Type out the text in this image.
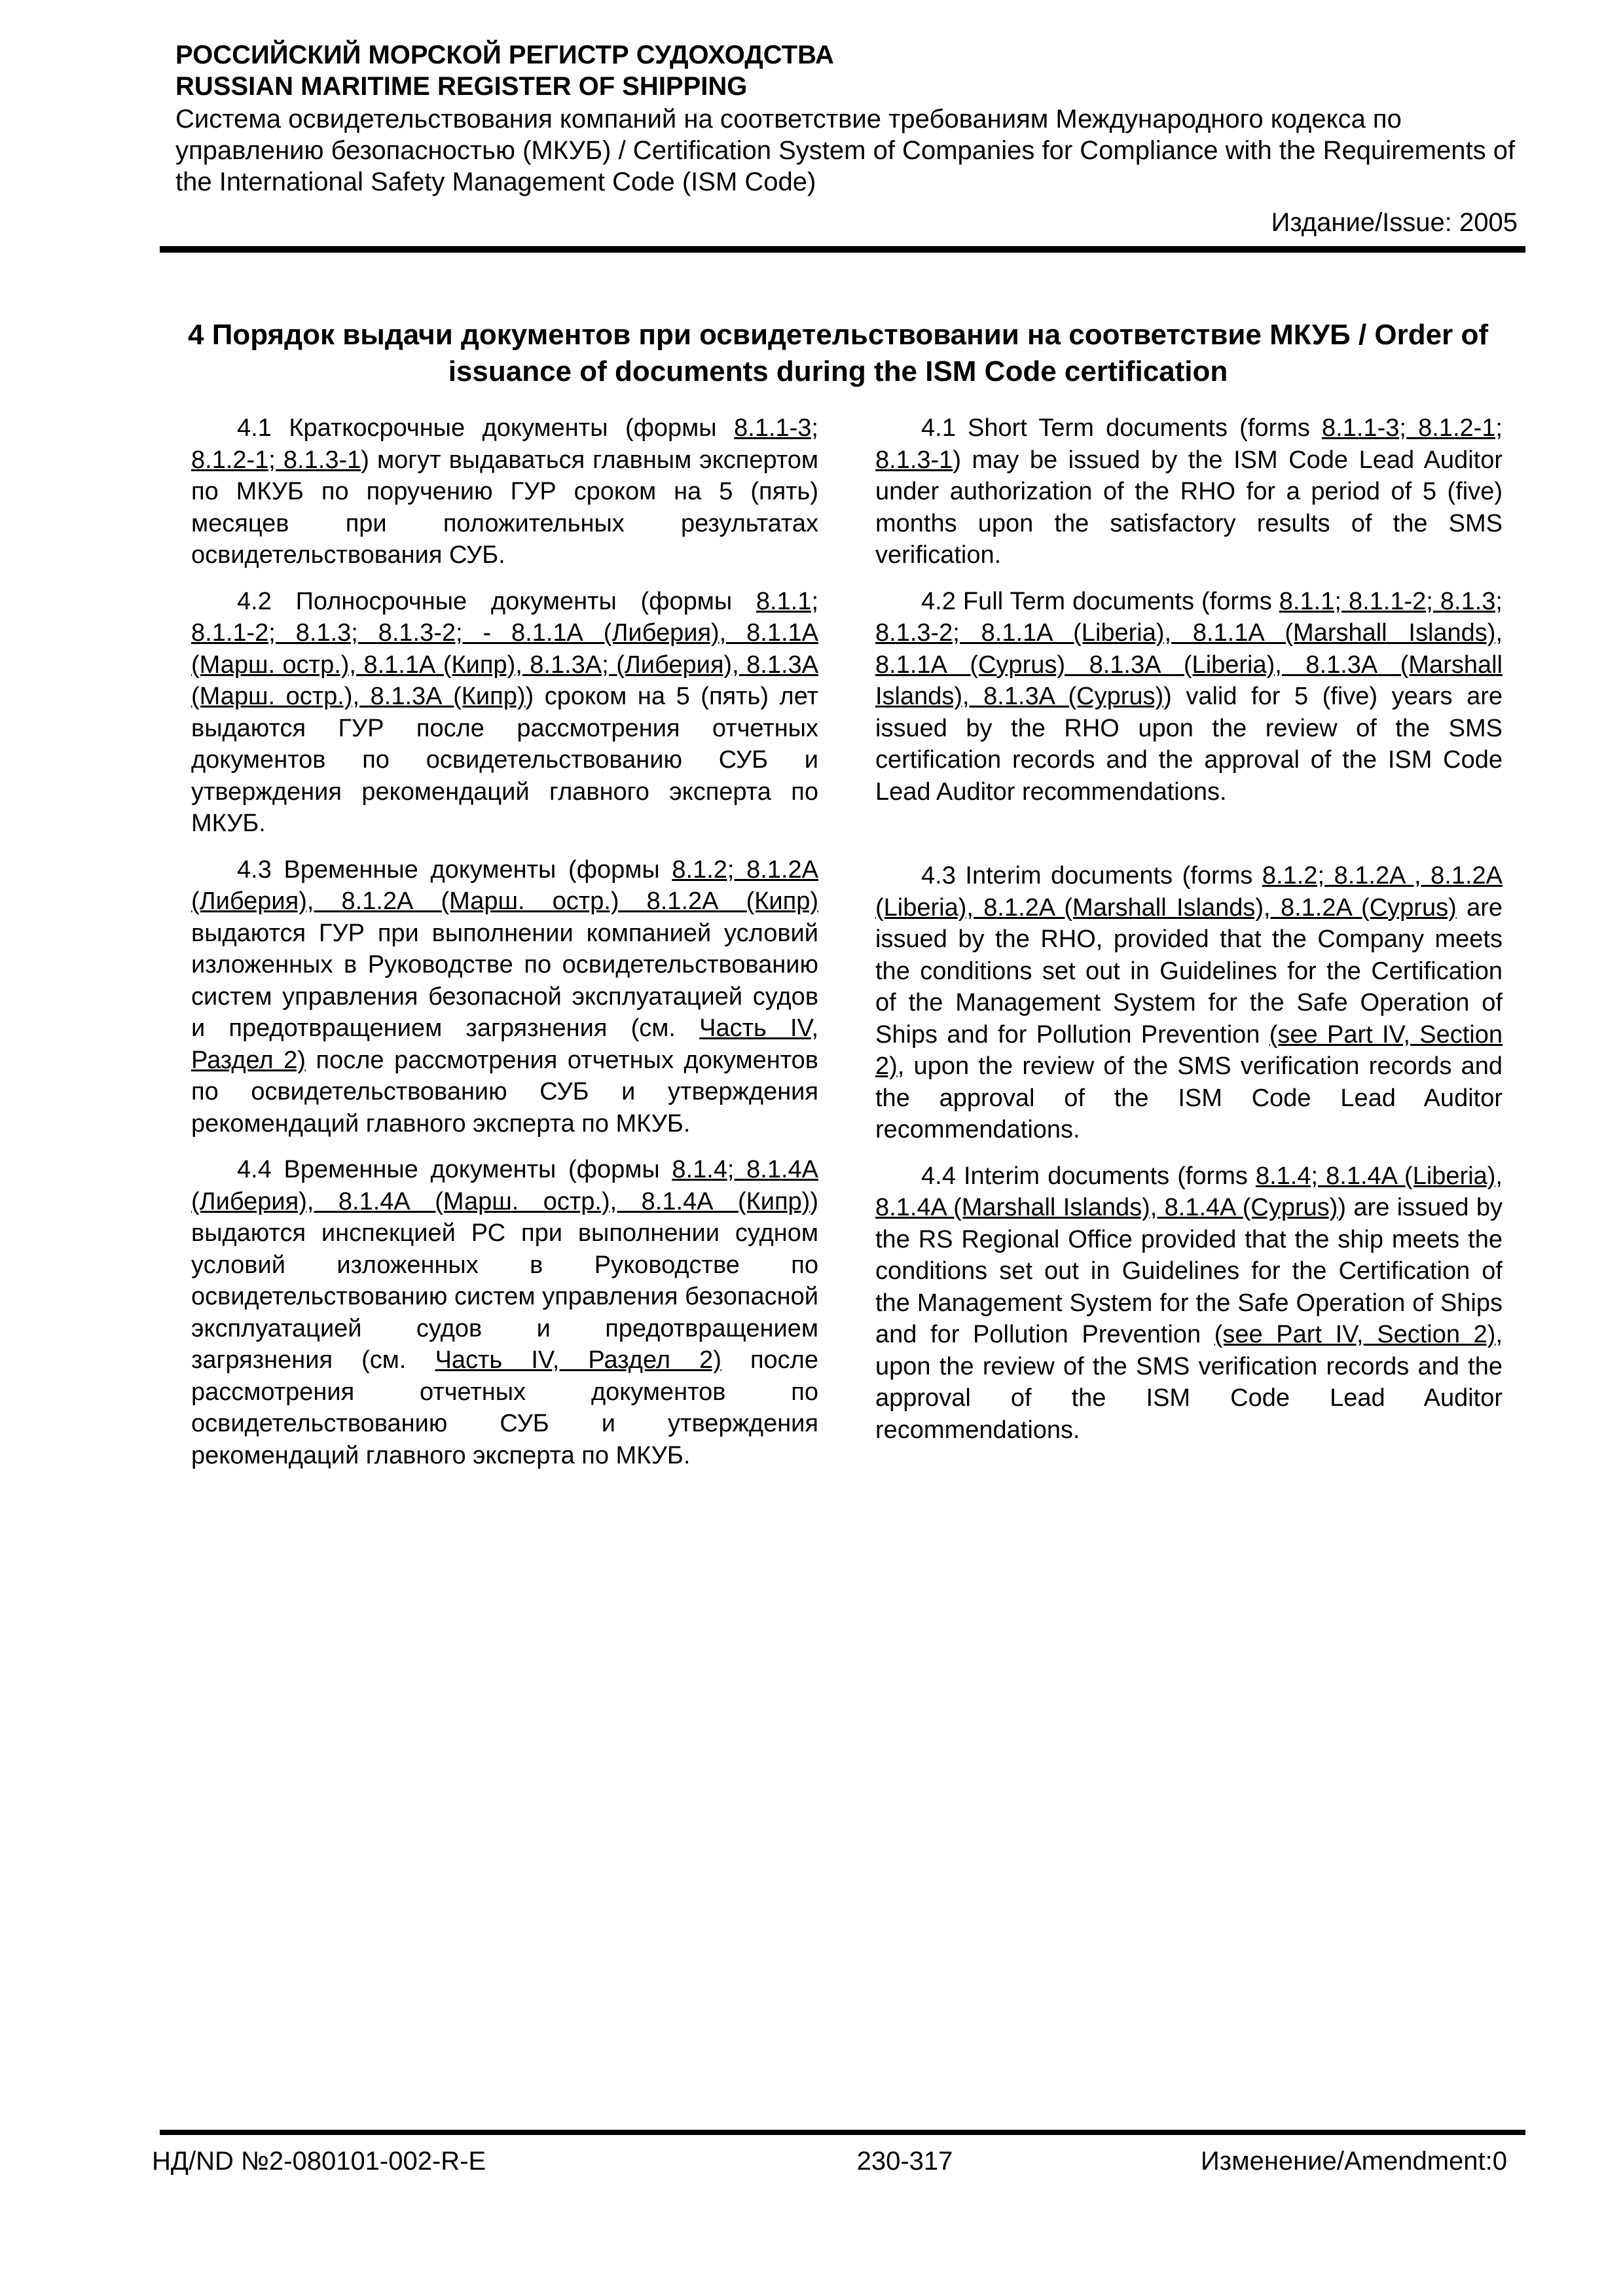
РОССИЙСКИЙ МОРСКОЙ РЕГИСТР СУДОХОДСТВА
RUSSIAN MARITIME REGISTER OF SHIPPING
Система освидетельствования компаний на соответствие требованиям Международного кодекса по управлению безопасностью (МКУБ) / Certification System of Companies for Compliance with the Requirements of the International Safety Management Code (ISM Code)
Издание/Issue: 2005
4 Порядок выдачи документов при освидетельствовании на соответствие МКУБ / Order of issuance of documents during the ISM Code certification

4.1 Краткосрочные документы (формы 8.1.1-3; 8.1.2-1; 8.1.3-1) могут выдаваться главным экспертом по МКУБ по поручению ГУР сроком на 5 (пять) месяцев при положительных результатах освидетельствования СУБ.

4.2 Полносрочные документы (формы 8.1.1; 8.1.1-2; 8.1.3; 8.1.3-2; - 8.1.1А (Либерия), 8.1.1А (Марш. остр.), 8.1.1А (Кипр), 8.1.3А; (Либерия), 8.1.3А (Марш. остр.), 8.1.3А (Кипр)) сроком на 5 (пять) лет выдаются ГУР после рассмотрения отчетных документов по освидетельствованию СУБ и утверждения рекомендаций главного эксперта по МКУБ.

4.3 Временные документы (формы 8.1.2; 8.1.2А (Либерия), 8.1.2А (Марш. остр.) 8.1.2А (Кипр) выдаются ГУР при выполнении компанией условий изложенных в Руководстве по освидетельствованию систем управления безопасной эксплуатацией судов и предотвращением загрязнения (см. Часть IV, Раздел 2) после рассмотрения отчетных документов по освидетельствованию СУБ и утверждения рекомендаций главного эксперта по МКУБ.

4.4 Временные документы (формы 8.1.4; 8.1.4А (Либерия), 8.1.4А (Марш. остр.), 8.1.4А (Кипр)) выдаются инспекцией РС при выполнении судном условий изложенных в Руководстве по освидетельствованию систем управления безопасной эксплуатацией судов и предотвращением загрязнения (см. Часть IV, Раздел 2) после рассмотрения отчетных документов по освидетельствованию СУБ и утверждения рекомендаций главного эксперта по МКУБ.

4.1 Short Term documents (forms 8.1.1-3; 8.1.2-1; 8.1.3-1) may be issued by the ISM Code Lead Auditor under authorization of the RHO for a period of 5 (five) months upon the satisfactory results of the SMS verification.

4.2 Full Term documents (forms 8.1.1; 8.1.1-2; 8.1.3; 8.1.3-2; 8.1.1A (Liberia), 8.1.1A (Marshall Islands), 8.1.1A (Cyprus) 8.1.3A (Liberia), 8.1.3A (Marshall Islands), 8.1.3A (Cyprus)) valid for 5 (five) years are issued by the RHO upon the review of the SMS certification records and the approval of the ISM Code Lead Auditor recommendations.

4.3 Interim documents (forms 8.1.2; 8.1.2A , 8.1.2A (Liberia), 8.1.2A (Marshall Islands), 8.1.2A (Cyprus) are issued by the RHO, provided that the Company meets the conditions set out in Guidelines for the Certification of the Management System for the Safe Operation of Ships and for Pollution Prevention (see Part IV, Section 2), upon the review of the SMS verification records and the approval of the ISM Code Lead Auditor recommendations.

4.4 Interim documents (forms 8.1.4; 8.1.4A (Liberia), 8.1.4A (Marshall Islands), 8.1.4A (Cyprus)) are issued by the RS Regional Office provided that the ship meets the conditions set out in Guidelines for the Certification of the Management System for the Safe Operation of Ships and for Pollution Prevention (see Part IV, Section 2), upon the review of the SMS verification records and the approval of the ISM Code Lead Auditor recommendations.

НД/ND №2-080101-002-R-E	230-317	Изменение/Amendment:0
